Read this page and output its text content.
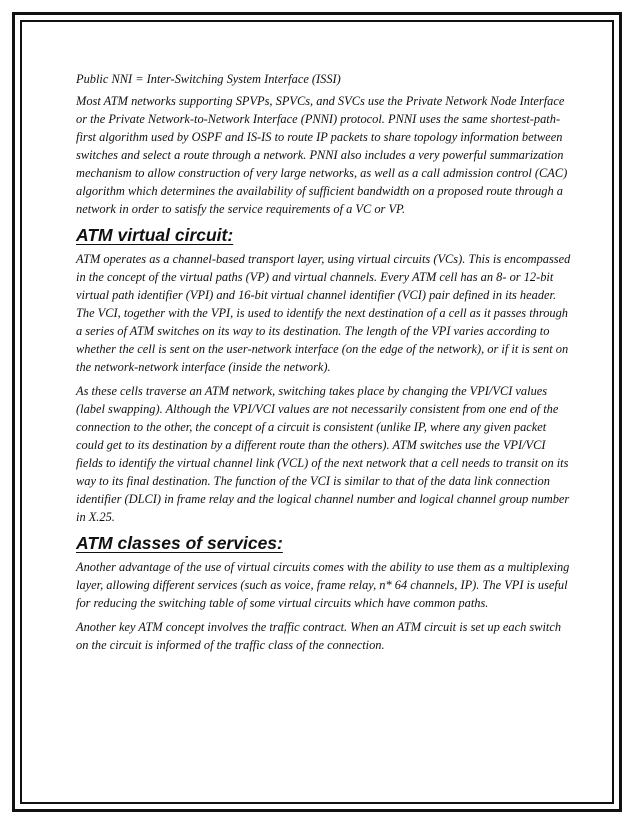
Public NNI = Inter-Switching System Interface (ISSI)

Most ATM networks supporting SPVPs, SPVCs, and SVCs use the Private Network Node Interface or the Private Network-to-Network Interface (PNNI) protocol. PNNI uses the same shortest-path-first algorithm used by OSPF and IS-IS to route IP packets to share topology information between switches and select a route through a network. PNNI also includes a very powerful summarization mechanism to allow construction of very large networks, as well as a call admission control (CAC) algorithm which determines the availability of sufficient bandwidth on a proposed route through a network in order to satisfy the service requirements of a VC or VP.

ATM virtual circuit:

ATM operates as a channel-based transport layer, using virtual circuits (VCs). This is encompassed in the concept of the virtual paths (VP) and virtual channels. Every ATM cell has an 8- or 12-bit virtual path identifier (VPI) and 16-bit virtual channel identifier (VCI) pair defined in its header. The VCI, together with the VPI, is used to identify the next destination of a cell as it passes through a series of ATM switches on its way to its destination. The length of the VPI varies according to whether the cell is sent on the user-network interface (on the edge of the network), or if it is sent on the network-network interface (inside the network).

As these cells traverse an ATM network, switching takes place by changing the VPI/VCI values (label swapping). Although the VPI/VCI values are not necessarily consistent from one end of the connection to the other, the concept of a circuit is consistent (unlike IP, where any given packet could get to its destination by a different route than the others). ATM switches use the VPI/VCI fields to identify the virtual channel link (VCL) of the next network that a cell needs to transit on its way to its final destination. The function of the VCI is similar to that of the data link connection identifier (DLCI) in frame relay and the logical channel number and logical channel group number in X.25.

ATM classes of services:

Another advantage of the use of virtual circuits comes with the ability to use them as a multiplexing layer, allowing different services (such as voice, frame relay, n* 64 channels, IP). The VPI is useful for reducing the switching table of some virtual circuits which have common paths.

Another key ATM concept involves the traffic contract. When an ATM circuit is set up each switch on the circuit is informed of the traffic class of the connection.
